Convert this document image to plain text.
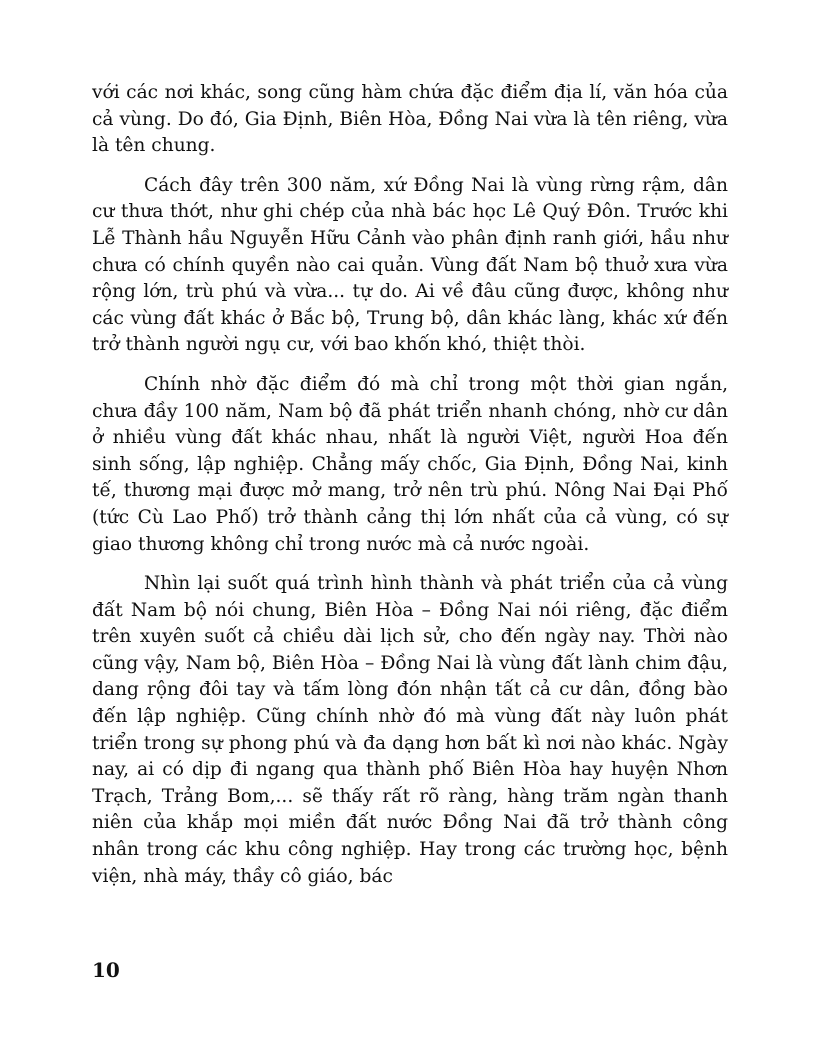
với các nơi khác, song cũng hàm chứa đặc điểm địa lí, văn hóa của cả vùng. Do đó, Gia Định, Biên Hòa, Đồng Nai vừa là tên riêng, vừa là tên chung.

Cách đây trên 300 năm, xứ Đồng Nai là vùng rừng rậm, dân cư thưa thớt, như ghi chép của nhà bác học Lê Quý Đôn. Trước khi Lễ Thành hầu Nguyễn Hữu Cảnh vào phân định ranh giới, hầu như chưa có chính quyền nào cai quản. Vùng đất Nam bộ thuở xưa vừa rộng lớn, trù phú và vừa... tự do. Ai về đâu cũng được, không như các vùng đất khác ở Bắc bộ, Trung bộ, dân khác làng, khác xứ đến trở thành người ngụ cư, với bao khốn khó, thiệt thòi.

Chính nhờ đặc điểm đó mà chỉ trong một thời gian ngắn, chưa đầy 100 năm, Nam bộ đã phát triển nhanh chóng, nhờ cư dân ở nhiều vùng đất khác nhau, nhất là người Việt, người Hoa đến sinh sống, lập nghiệp. Chẳng mấy chốc, Gia Định, Đồng Nai, kinh tế, thương mại được mở mang, trở nên trù phú. Nông Nai Đại Phố (tức Cù Lao Phố) trở thành cảng thị lớn nhất của cả vùng, có sự giao thương không chỉ trong nước mà cả nước ngoài.

Nhìn lại suốt quá trình hình thành và phát triển của cả vùng đất Nam bộ nói chung, Biên Hòa – Đồng Nai nói riêng, đặc điểm trên xuyên suốt cả chiều dài lịch sử, cho đến ngày nay. Thời nào cũng vậy, Nam bộ, Biên Hòa – Đồng Nai là vùng đất lành chim đậu, dang rộng đôi tay và tấm lòng đón nhận tất cả cư dân, đồng bào đến lập nghiệp. Cũng chính nhờ đó mà vùng đất này luôn phát triển trong sự phong phú và đa dạng hơn bất kì nơi nào khác. Ngày nay, ai có dịp đi ngang qua thành phố Biên Hòa hay huyện Nhơn Trạch, Trảng Bom,... sẽ thấy rất rõ ràng, hàng trăm ngàn thanh niên của khắp mọi miền đất nước Đồng Nai đã trở thành công nhân trong các khu công nghiệp. Hay trong các trường học, bệnh viện, nhà máy, thầy cô giáo, bác

10
